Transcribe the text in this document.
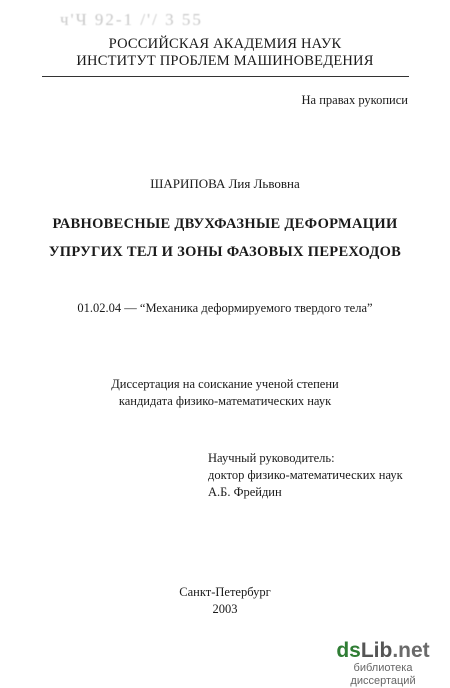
ч'Ч 92-1 /'/ 3 55
РОССИЙСКАЯ АКАДЕМИЯ НАУК
ИНСТИТУТ ПРОБЛЕМ МАШИНОВЕДЕНИЯ
На правах рукописи
ШАРИПОВА Лия Львовна
РАВНОВЕСНЫЕ ДВУХФАЗНЫЕ ДЕФОРМАЦИИ
УПРУГИХ ТЕЛ И ЗОНЫ ФАЗОВЫХ ПЕРЕХОДОВ
01.02.04 — “Механика деформируемого твердого тела”
Диссертация на соискание ученой степени
кандидата физико-математических наук
Научный руководитель:
доктор физико-математических наук
А.Б. Фрейдин
Санкт-Петербург
2003
dsLib.net
библиотека диссертаций
